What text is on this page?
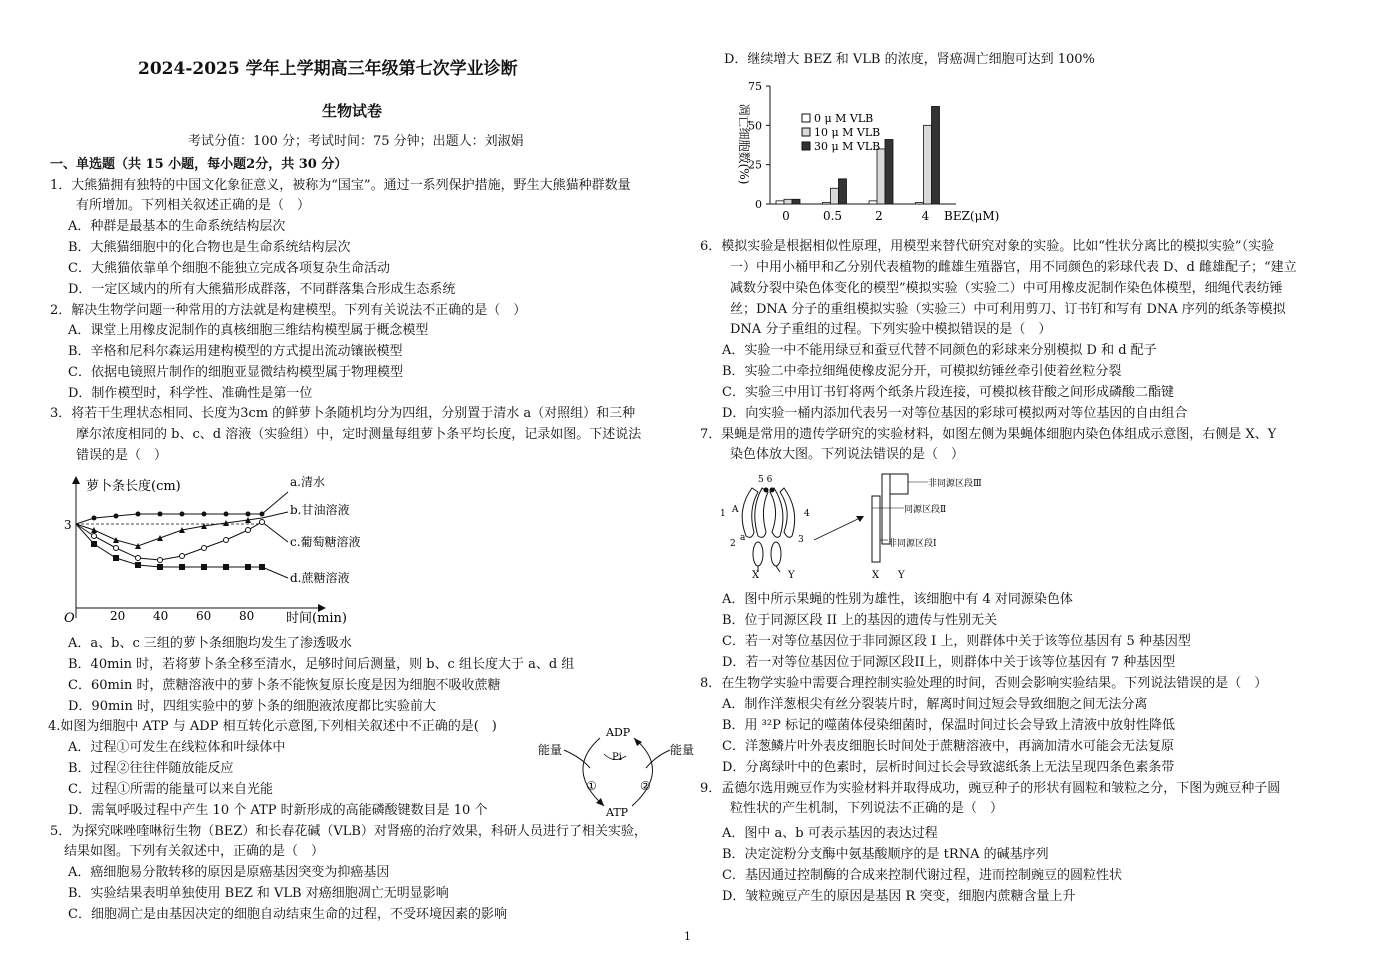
2024-2025 学年上学期高三年级第七次学业诊断
生物试卷
考试分值：100 分；考试时间：75 分钟；出题人：刘淑娟
一、单选题（共 15 小题，每小题2分，共 30 分）
1．大熊猫拥有独特的中国文化象征意义，被称为“国宝”。通过一系列保护措施，野生大熊猫种群数量
有所增加。下列相关叙述正确的是（　）
A．种群是最基本的生命系统结构层次
B．大熊猫细胞中的化合物也是生命系统结构层次
C．大熊猫依靠单个细胞不能独立完成各项复杂生命活动
D．一定区域内的所有大熊猫形成群落，不同群落集合形成生态系统
2．解决生物学问题一种常用的方法就是构建模型。下列有关说法不正确的是（　）
A．课堂上用橡皮泥制作的真核细胞三维结构模型属于概念模型
B．辛格和尼科尔森运用建构模型的方式提出流动镶嵌模型
C．依据电镜照片制作的细胞亚显微结构模型属于物理模型
D．制作模型时，科学性、准确性是第一位
3．将若干生理状态相同、长度为3cm 的鲜萝卜条随机均分为四组，分别置于清水 a（对照组）和三种
摩尔浓度相同的 b、c、d 溶液（实验组）中，定时测量每组萝卜条平均长度，记录如图。下述说法
错误的是（　）
萝卜条长度(cm)
时间(min)
O
3
20 40 60 80
a.清水
b.甘油溶液
c.葡萄糖溶液
d.蔗糖溶液
A．a、b、c 三组的萝卜条细胞均发生了渗透吸水
B．40min 时，若将萝卜条全移至清水，足够时间后测量，则 b、c 组长度大于 a、d 组
C．60min 时，蔗糖溶液中的萝卜条不能恢复原长度是因为细胞不吸收蔗糖
D．90min 时，四组实验中的萝卜条的细胞液浓度都比实验前大
4.如图为细胞中 ATP 与 ADP 相互转化示意图,下列相关叙述中不正确的是(　)
A．过程①可发生在线粒体和叶绿体中
B．过程②往往伴随放能反应
C．过程①所需的能量可以来自光能
D．需氧呼吸过程中产生 10 个 ATP 时新形成的高能磷酸键数目是 10 个
ADP
Pi
ATP
能量	能量
①	②
5．为探究咪唑喹啉衍生物（BEZ）和长春花碱（VLB）对肾癌的治疗效果，科研人员进行了相关实验，
结果如图。下列有关叙述中，正确的是（　）
A．癌细胞易分散转移的原因是原癌基因突变为抑癌基因
B．实验结果表明单独使用 BEZ 和 VLB 对癌细胞凋亡无明显影响
C．细胞凋亡是由基因决定的细胞自动结束生命的过程，不受环境因素的影响
D．继续增大 BEZ 和 VLB 的浓度，肾癌凋亡细胞可达到 100%
凋亡细胞数(%)
0
25
50
75
0	0.5	2	4 BEZ(μM)
0 μ M VLB
10 μ M VLB
30 μ M VLB
6．模拟实验是根据相似性原理，用模型来替代研究对象的实验。比如“性状分离比的模拟实验”（实验
一）中用小桶甲和乙分别代表植物的雌雄生殖器官，用不同颜色的彩球代表 D、d 雌雄配子；“建立
减数分裂中染色体变化的模型”模拟实验（实验二）中可用橡皮泥制作染色体模型，细绳代表纺锤
丝；DNA 分子的重组模拟实验（实验三）中可利用剪刀、订书钉和写有 DNA 序列的纸条等模拟
DNA 分子重组的过程。下列实验中模拟错误的是（　）
A．实验一中不能用绿豆和蚕豆代替不同颜色的彩球来分别模拟 D 和 d 配子
B．实验二中牵拉细绳使橡皮泥分开，可模拟纺锤丝牵引使着丝粒分裂
C．实验三中用订书钉将两个纸条片段连接，可模拟核苷酸之间形成磷酸二酯键
D．向实验一桶内添加代表另一对等位基因的彩球可模拟两对等位基因的自由组合
7．果蝇是常用的遗传学研究的实验材料，如图左侧为果蝇体细胞内染色体组成示意图，右侧是 X、Y
染色体放大图。下列说法错误的是（　）
5 6
1 A
2
a	3
4
X	Y
非同源区段Ⅲ
同源区段Ⅱ
非同源区段Ⅰ
X Y
A．图中所示果蝇的性别为雄性，该细胞中有 4 对同源染色体
B．位于同源区段 II 上的基因的遗传与性别无关
C．若一对等位基因位于非同源区段 I 上，则群体中关于该等位基因有 5 种基因型
D．若一对等位基因位于同源区段II上，则群体中关于该等位基因有 7 种基因型
8．在生物学实验中需要合理控制实验处理的时间，否则会影响实验结果。下列说法错误的是（　）
A．制作洋葱根尖有丝分裂装片时，解离时间过短会导致细胞之间无法分离
B．用 ³²P 标记的噬菌体侵染细菌时，保温时间过长会导致上清液中放射性降低
C．洋葱鳞片叶外表皮细胞长时间处于蔗糖溶液中，再滴加清水可能会无法复原
D．分离绿叶中的色素时，层析时间过长会导致滤纸条上无法呈现四条色素条带
9．孟德尔选用豌豆作为实验材料并取得成功，豌豆种子的形状有圆粒和皱粒之分，下图为豌豆种子圆
粒性状的产生机制，下列说法不正确的是（　）
A．图中 a、b 可表示基因的表达过程
B．决定淀粉分支酶中氨基酸顺序的是 tRNA 的碱基序列
C．基因通过控制酶的合成来控制代谢过程，进而控制豌豆的圆粒性状
D．皱粒豌豆产生的原因是基因 R 突变，细胞内蔗糖含量上升
1
